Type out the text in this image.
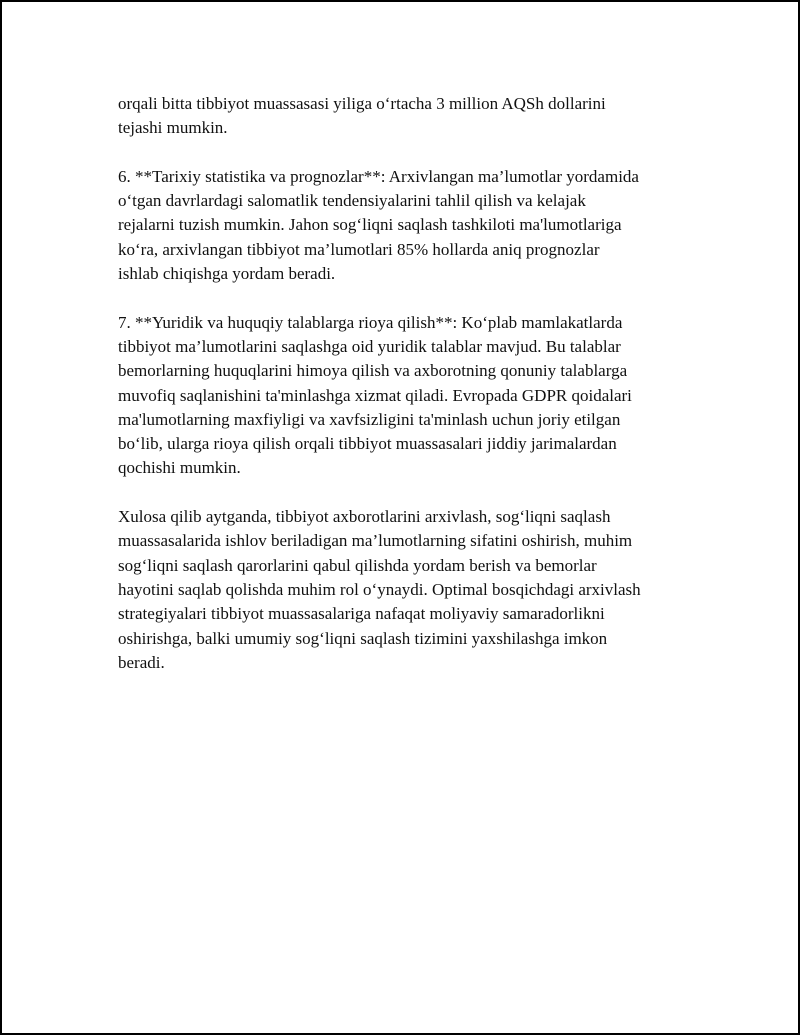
orqali bitta tibbiyot muassasasi yiliga o‘rtacha 3 million AQSh dollarini
tejashi mumkin.

6. **Tarixiy statistika va prognozlar**: Arxivlangan ma’lumotlar yordamida
o‘tgan davrlardagi salomatlik tendensiyalarini tahlil qilish va kelajak
rejalarni tuzish mumkin. Jahon sog‘liqni saqlash tashkiloti ma'lumotlariga
ko‘ra, arxivlangan tibbiyot ma’lumotlari 85% hollarda aniq prognozlar
ishlab chiqishga yordam beradi.

7. **Yuridik va huquqiy talablarga rioya qilish**: Ko‘plab mamlakatlarda
tibbiyot ma’lumotlarini saqlashga oid yuridik talablar mavjud. Bu talablar
bemorlarning huquqlarini himoya qilish va axborotning qonuniy talablarga
muvofiq saqlanishini ta'minlashga xizmat qiladi. Evropada GDPR qoidalari
ma'lumotlarning maxfiyligi va xavfsizligini ta'minlash uchun joriy etilgan
bo‘lib, ularga rioya qilish orqali tibbiyot muassasalari jiddiy jarimalardan
qochishi mumkin.

Xulosa qilib aytganda, tibbiyot axborotlarini arxivlash, sog‘liqni saqlash
muassasalarida ishlov beriladigan ma’lumotlarning sifatini oshirish, muhim
sog‘liqni saqlash qarorlarini qabul qilishda yordam berish va bemorlar
hayotini saqlab qolishda muhim rol o‘ynaydi. Optimal bosqichdagi arxivlash
strategiyalari tibbiyot muassasalariga nafaqat moliyaviy samaradorlikni
oshirishga, balki umumiy sog‘liqni saqlash tizimini yaxshilashga imkon
beradi.
